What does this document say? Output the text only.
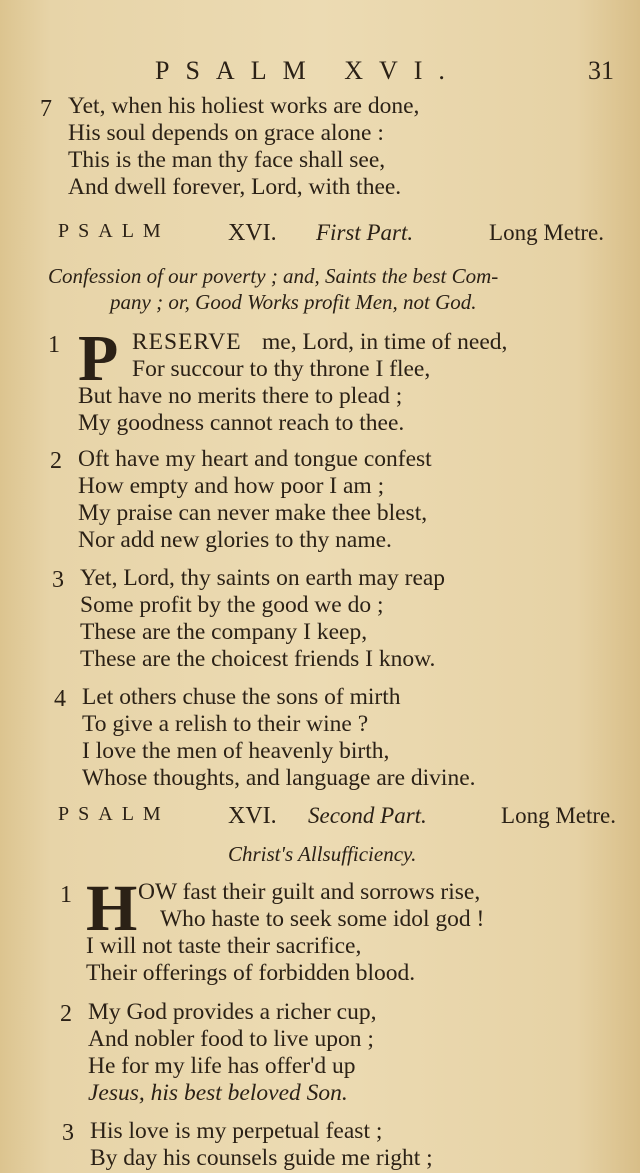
PSALM XVI.	31
7 Yet, when his holiest works are done,
His soul depends on grace alone :
This is the man thy face shall see,
And dwell forever, Lord, with thee.
PSALM XVI. First Part.	Long Metre.
Confession of our poverty ; and, Saints the best Com-
pany ; or, Good Works profit Men, not God.
1 P RESERVE me, Lord, in time of need,
For succour to thy throne I flee,
But have no merits there to plead ;
My goodness cannot reach to thee.
2 Oft have my heart and tongue confest
How empty and how poor I am ;
My praise can never make thee blest,
Nor add new glories to thy name.
3 Yet, Lord, thy saints on earth may reap
Some profit by the good we do ;
These are the company I keep,
These are the choicest friends I know.
4 Let others chuse the sons of mirth
To give a relish to their wine ?
I love the men of heavenly birth,
Whose thoughts, and language are divine.
PSALM XVI. Second Part.	Long Metre.
Christ's Allsufficiency.
1 H OW fast their guilt and sorrows rise,
Who haste to seek some idol god !
I will not taste their sacrifice,
Their offerings of forbidden blood.
2 My God provides a richer cup,
And nobler food to live upon ;
He for my life has offer'd up
Jesus, his best beloved Son.
3 His love is my perpetual feast ;
By day his counsels guide me right ;
